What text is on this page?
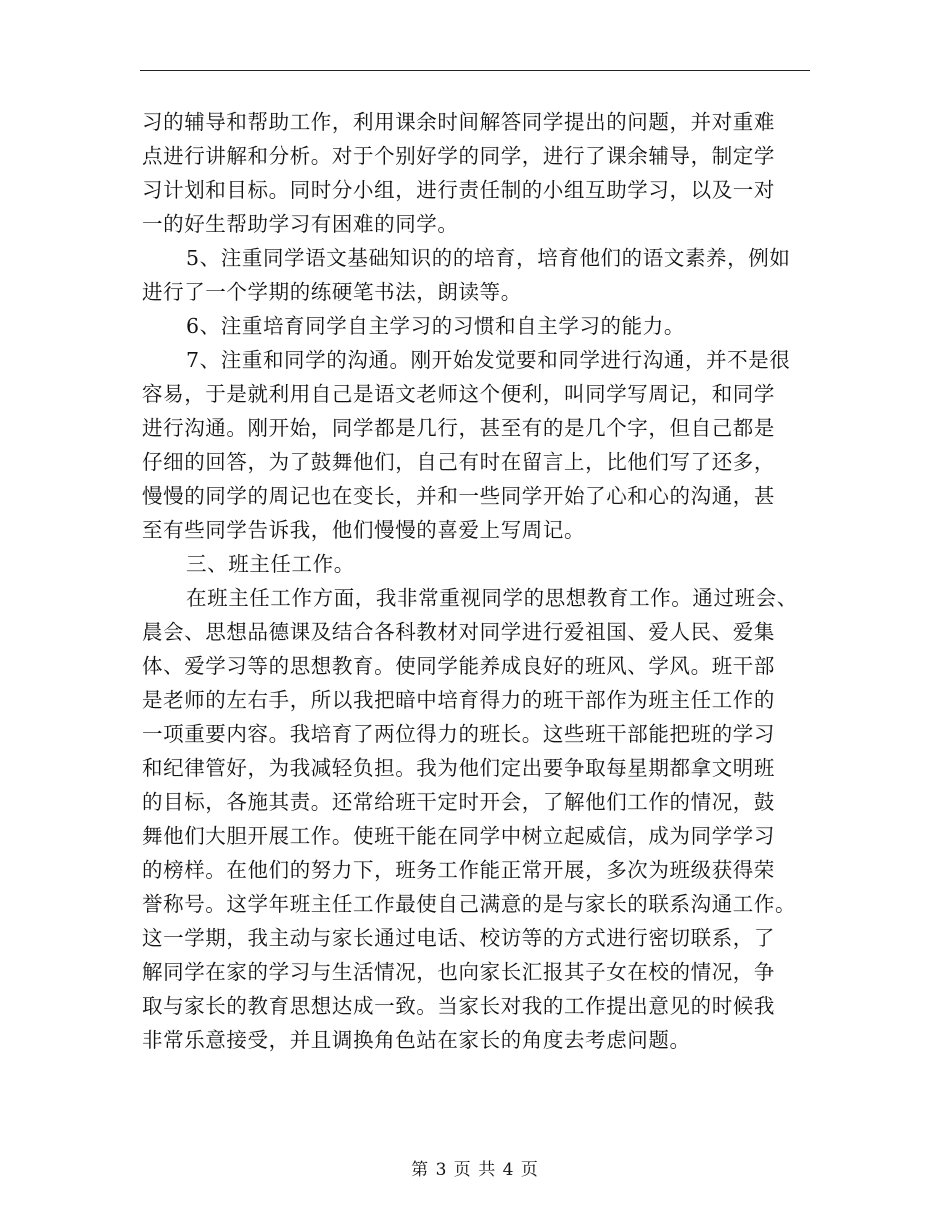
习的辅导和帮助工作，利用课余时间解答同学提出的问题，并对重难
点进行讲解和分析。对于个别好学的同学，进行了课余辅导，制定学
习计划和目标。同时分小组，进行责任制的小组互助学习，以及一对
一的好生帮助学习有困难的同学。

5、注重同学语文基础知识的的培育，培育他们的语文素养，例如
进行了一个学期的练硬笔书法，朗读等。

6、注重培育同学自主学习的习惯和自主学习的能力。

7、注重和同学的沟通。刚开始发觉要和同学进行沟通，并不是很
容易，于是就利用自己是语文老师这个便利，叫同学写周记，和同学
进行沟通。刚开始，同学都是几行，甚至有的是几个字，但自己都是
仔细的回答，为了鼓舞他们，自己有时在留言上，比他们写了还多，
慢慢的同学的周记也在变长，并和一些同学开始了心和心的沟通，甚
至有些同学告诉我，他们慢慢的喜爱上写周记。

三、班主任工作。

在班主任工作方面，我非常重视同学的思想教育工作。通过班会、
晨会、思想品德课及结合各科教材对同学进行爱祖国、爱人民、爱集
体、爱学习等的思想教育。使同学能养成良好的班风、学风。班干部
是老师的左右手，所以我把暗中培育得力的班干部作为班主任工作的
一项重要内容。我培育了两位得力的班长。这些班干部能把班的学习
和纪律管好，为我减轻负担。我为他们定出要争取每星期都拿文明班
的目标，各施其责。还常给班干定时开会，了解他们工作的情况，鼓
舞他们大胆开展工作。使班干能在同学中树立起威信，成为同学学习
的榜样。在他们的努力下，班务工作能正常开展，多次为班级获得荣
誉称号。这学年班主任工作最使自己满意的是与家长的联系沟通工作。
这一学期，我主动与家长通过电话、校访等的方式进行密切联系，了
解同学在家的学习与生活情况，也向家长汇报其子女在校的情况，争
取与家长的教育思想达成一致。当家长对我的工作提出意见的时候我
非常乐意接受，并且调换角色站在家长的角度去考虑问题。

第 3 页 共 4 页
